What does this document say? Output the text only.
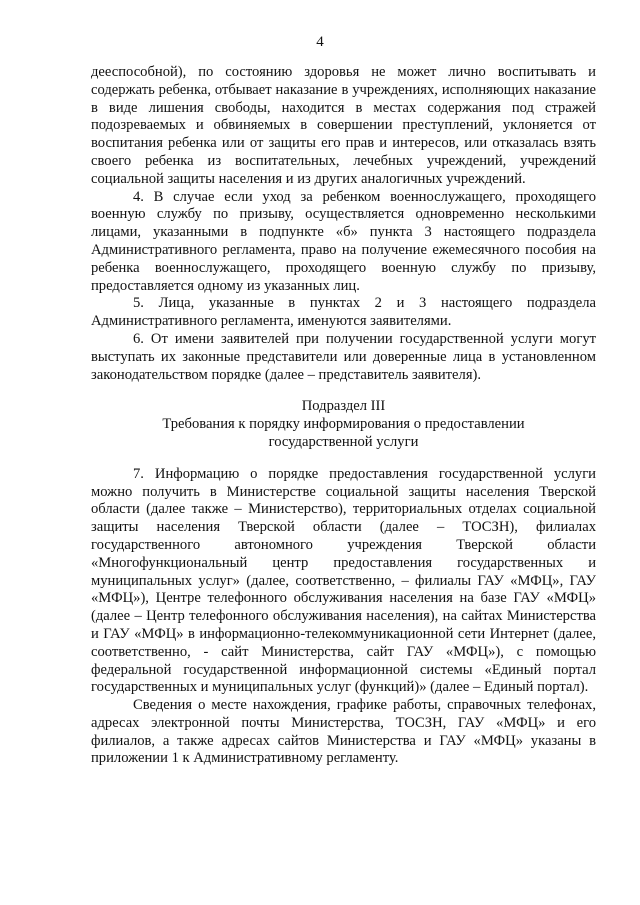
4

дееспособной), по состоянию здоровья не может лично воспитывать и содержать ребенка, отбывает наказание в учреждениях, исполняющих наказание в виде лишения свободы, находится в местах содержания под стражей подозреваемых и обвиняемых в совершении преступлений, уклоняется от воспитания ребенка или от защиты его прав и интересов, или отказалась взять своего ребенка из воспитательных, лечебных учреждений, учреждений социальной защиты населения и из других аналогичных учреждений.

4. В случае если уход за ребенком военнослужащего, проходящего военную службу по призыву, осуществляется одновременно несколькими лицами, указанными в подпункте «б» пункта 3 настоящего подраздела Административного регламента, право на получение ежемесячного пособия на ребенка военнослужащего, проходящего военную службу по призыву, предоставляется одному из указанных лиц.

5. Лица, указанные в пунктах 2 и 3 настоящего подраздела Административного регламента, именуются заявителями.

6. От имени заявителей при получении государственной услуги могут выступать их законные представители или доверенные лица в установленном законодательством порядке (далее – представитель заявителя).

Подраздел III
Требования к порядку информирования о предоставлении
государственной услуги

7. Информацию о порядке предоставления государственной услуги можно получить в Министерстве социальной защиты населения Тверской области (далее также – Министерство), территориальных отделах социальной защиты населения Тверской области (далее – ТОСЗН), филиалах государственного автономного учреждения Тверской области «Многофункциональный центр предоставления государственных и муниципальных услуг» (далее, соответственно, – филиалы ГАУ «МФЦ», ГАУ «МФЦ»), Центре телефонного обслуживания населения на базе ГАУ «МФЦ» (далее – Центр телефонного обслуживания населения), на сайтах Министерства и ГАУ «МФЦ» в информационно-телекоммуникационной сети Интернет (далее, соответственно, - сайт Министерства, сайт ГАУ «МФЦ»), с помощью федеральной государственной информационной системы «Единый портал государственных и муниципальных услуг (функций)» (далее – Единый портал).

Сведения о месте нахождения, графике работы, справочных телефонах, адресах электронной почты Министерства, ТОСЗН, ГАУ «МФЦ» и его филиалов, а также адресах сайтов Министерства и ГАУ «МФЦ» указаны в приложении 1 к Административному регламенту.
